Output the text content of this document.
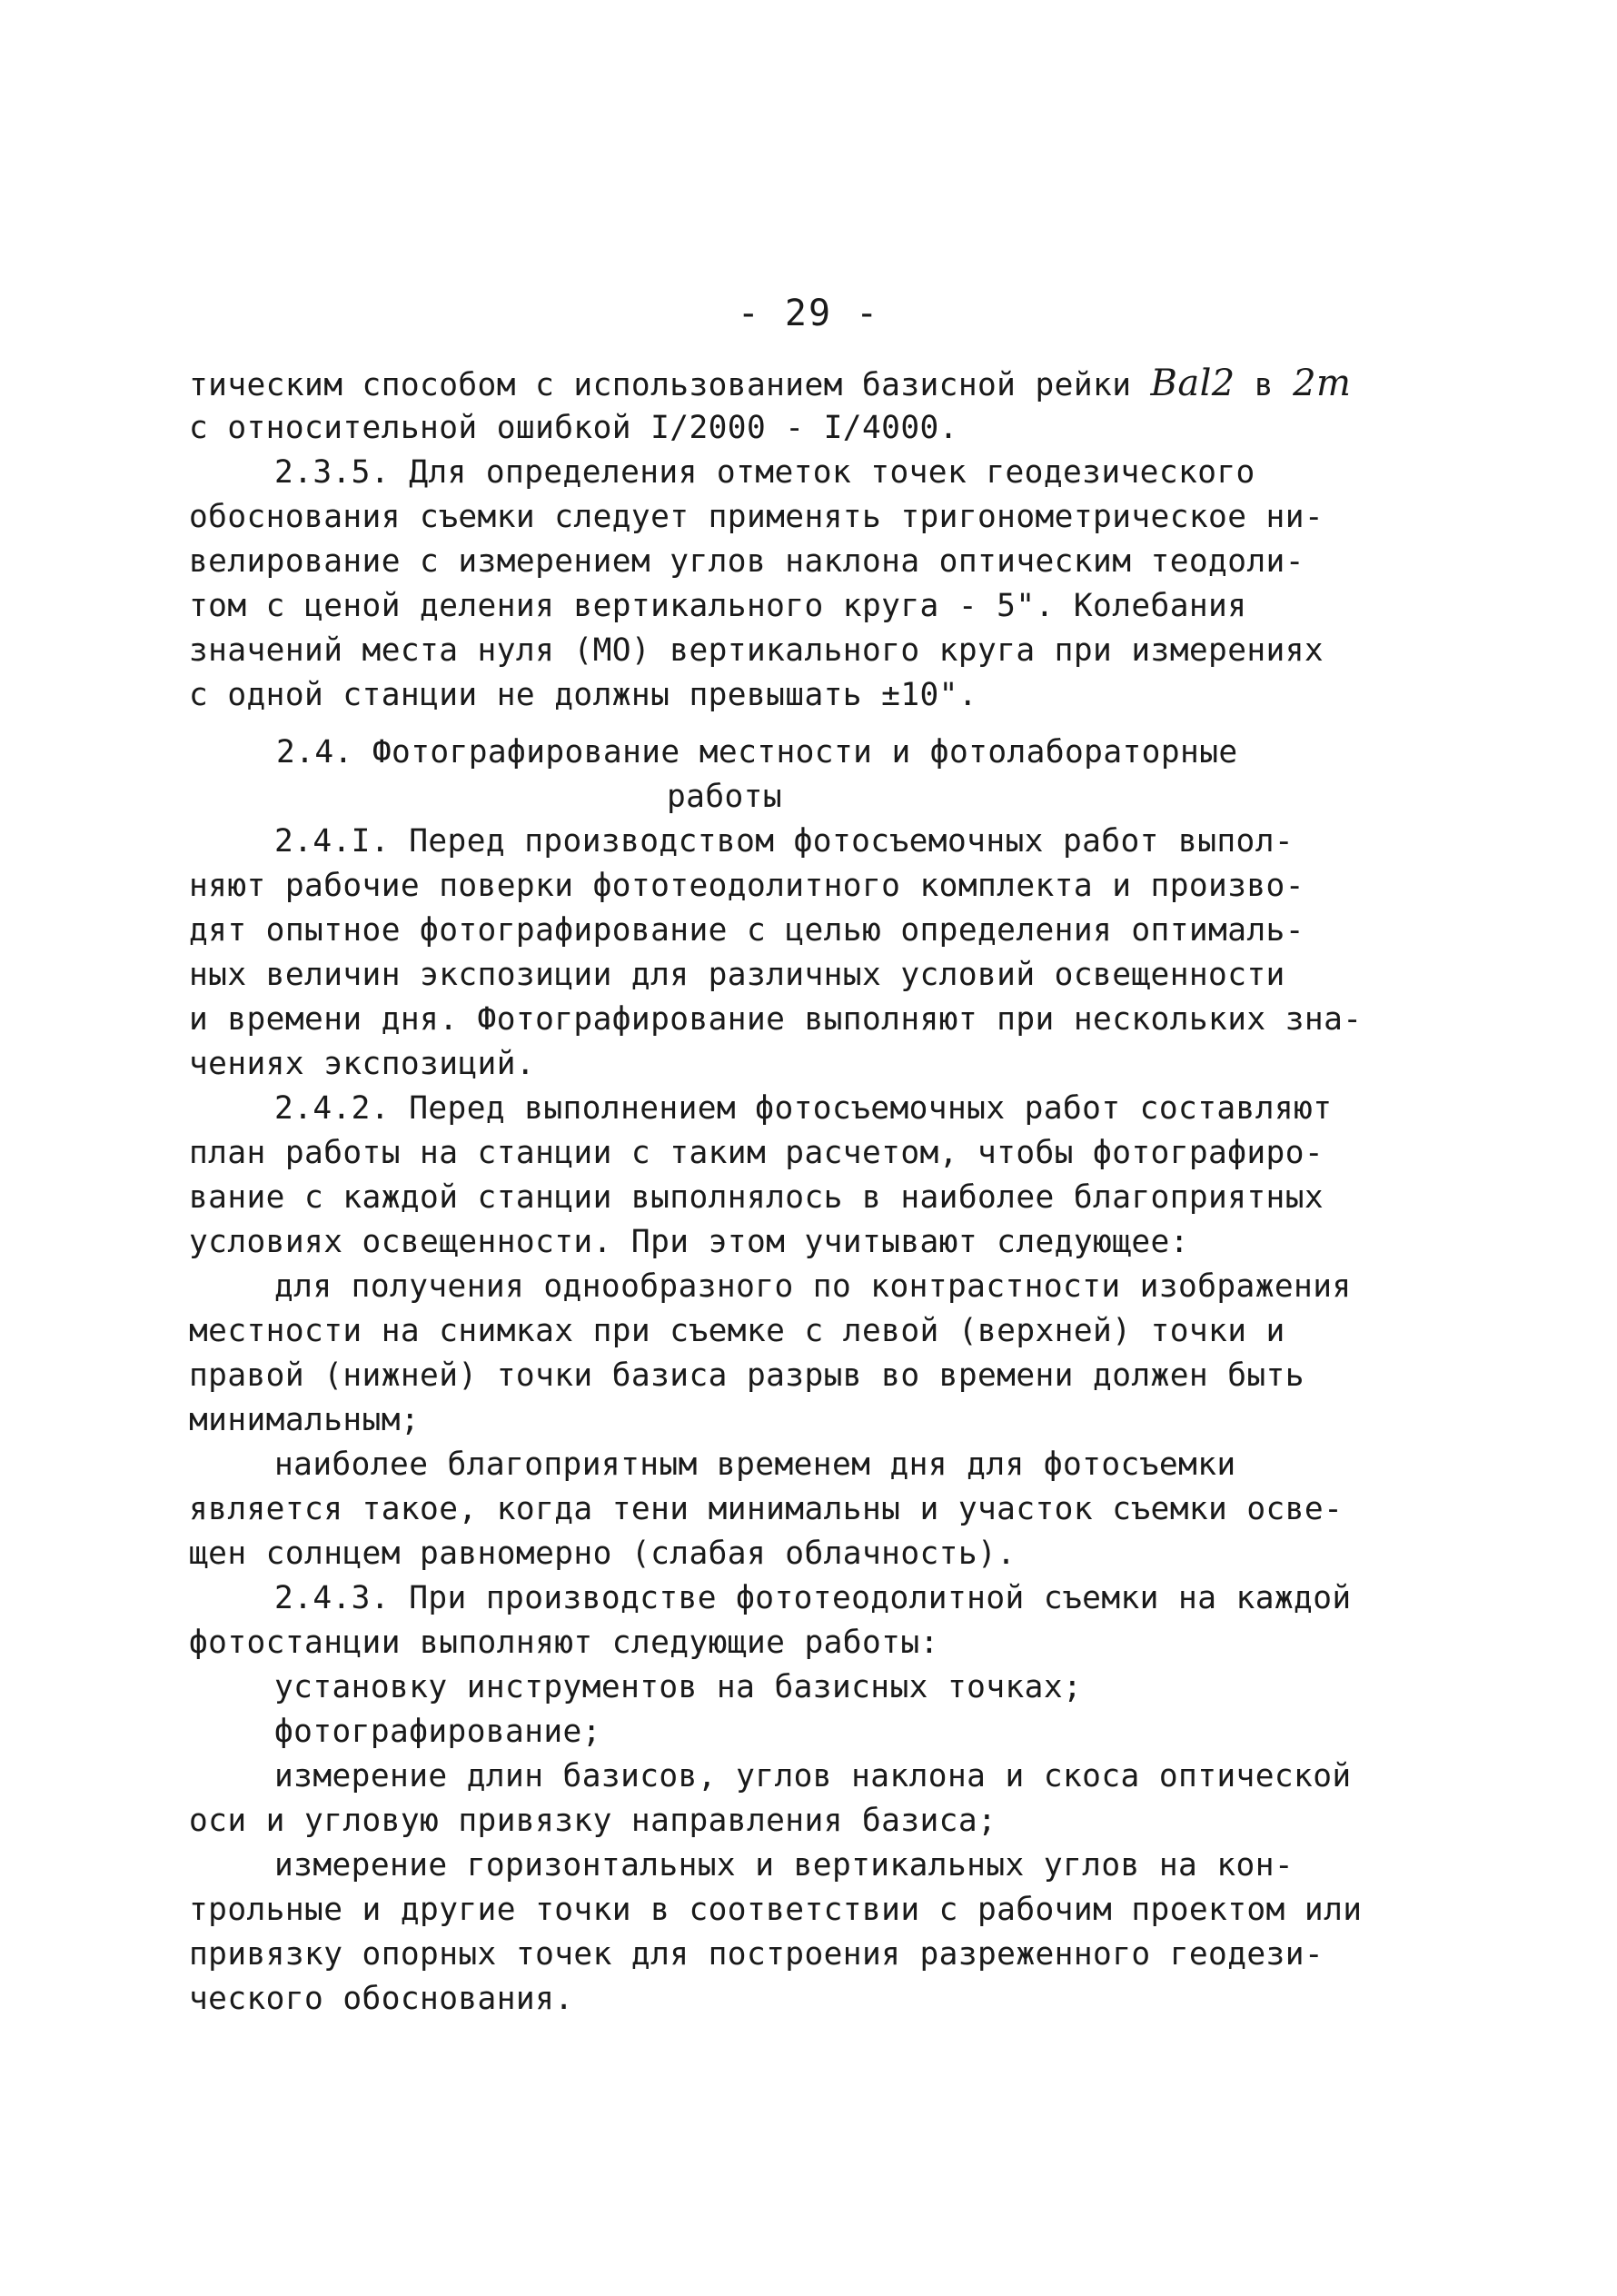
- 29 -
тическим способом с использованием базисной рейки Bal2 в 2m
с относительной ошибкой I/2000 - I/4000.
2.3.5. Для определения отметок точек геодезического
обоснования съемки следует применять тригонометрическое ни-
велирование с измерением углов наклона оптическим теодоли-
том с ценой деления вертикального круга - 5". Колебания
значений места нуля (МО) вертикального круга при измерениях
с одной станции не должны превышать ±10".
2.4. Фотографирование местности и фотолабораторные
работы
2.4.I. Перед производством фотосъемочных работ выпол-
няют рабочие поверки фототеодолитного комплекта и произво-
дят опытное фотографирование с целью определения оптималь-
ных величин экспозиции для различных условий освещенности
и времени дня. Фотографирование выполняют при нескольких зна-
чениях экспозиций.
2.4.2. Перед выполнением фотосъемочных работ составляют
план работы на станции с таким расчетом, чтобы фотографиро-
вание с каждой станции выполнялось в наиболее благоприятных
условиях освещенности. При этом учитывают следующее:
для получения однообразного по контрастности изображения
местности на снимках при съемке с левой (верхней) точки и
правой (нижней) точки базиса разрыв во времени должен быть
минимальным;
наиболее благоприятным временем дня для фотосъемки
является такое, когда тени минимальны и участок съемки осве-
щен солнцем равномерно (слабая облачность).
2.4.3. При производстве фототеодолитной съемки на каждой
фотостанции выполняют следующие работы:
установку инструментов на базисных точках;
фотографирование;
измерение длин базисов, углов наклона и скоса оптической
оси и угловую привязку направления базиса;
измерение горизонтальных и вертикальных углов на кон-
трольные и другие точки в соответствии с рабочим проектом или
привязку опорных точек для построения разреженного геодези-
ческого обоснования.
